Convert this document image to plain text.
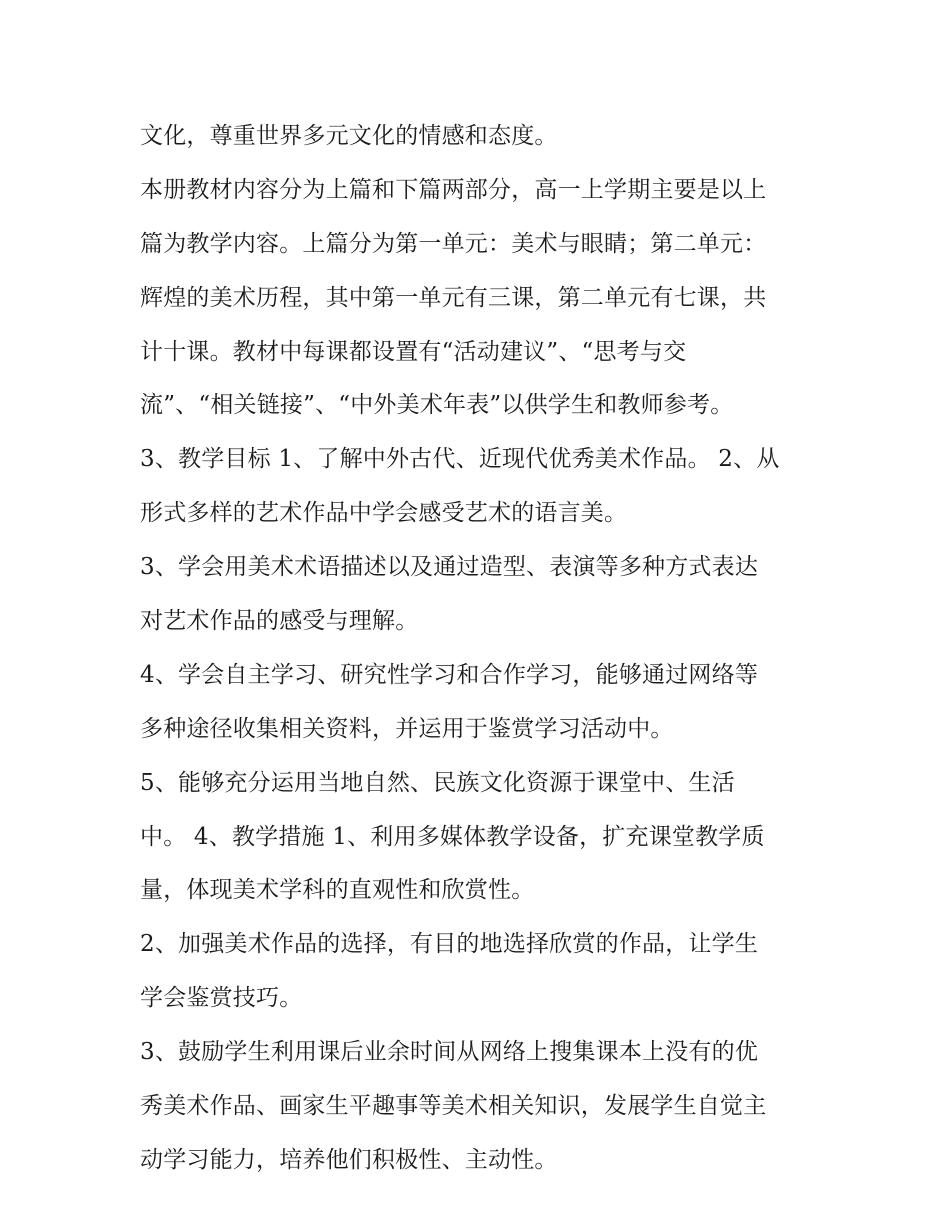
文化，尊重世界多元文化的情感和态度。
本册教材内容分为上篇和下篇两部分，高一上学期主要是以上
篇为教学内容。上篇分为第一单元：美术与眼睛；第二单元：
辉煌的美术历程，其中第一单元有三课，第二单元有七课，共
计十课。教材中每课都设置有“活动建议”、“思考与交
流”、“相关链接”、“中外美术年表”以供学生和教师参考。
3、教学目标 1、了解中外古代、近现代优秀美术作品。 2、从
形式多样的艺术作品中学会感受艺术的语言美。
3、学会用美术术语描述以及通过造型、表演等多种方式表达
对艺术作品的感受与理解。
4、学会自主学习、研究性学习和合作学习，能够通过网络等
多种途径收集相关资料，并运用于鉴赏学习活动中。
5、能够充分运用当地自然、民族文化资源于课堂中、生活
中。 4、教学措施 1、利用多媒体教学设备，扩充课堂教学质
量，体现美术学科的直观性和欣赏性。
2、加强美术作品的选择，有目的地选择欣赏的作品，让学生
学会鉴赏技巧。
3、鼓励学生利用课后业余时间从网络上搜集课本上没有的优
秀美术作品、画家生平趣事等美术相关知识，发展学生自觉主
动学习能力，培养他们积极性、主动性。
